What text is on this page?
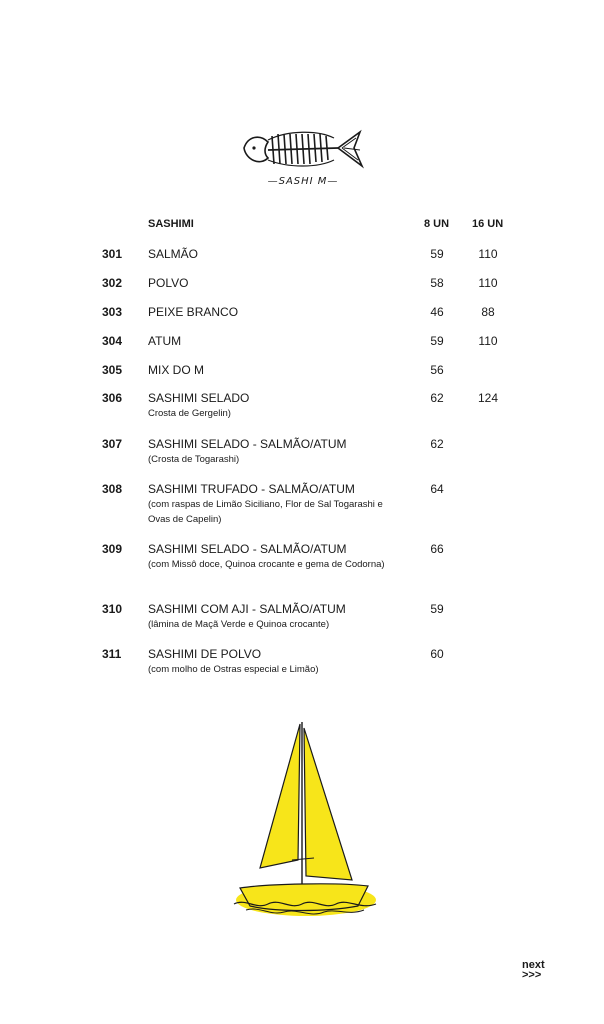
—SASHI M—
SASHIMI	8 UN 16 UN
301 SALMÃO	59	110
302 POLVO	58	110
303 PEIXE BRANCO	46	88
304 ATUM	59	110
305 MIX DO M	56
306 SASHIMI SELADO
Crosta de Gergelin)
62	124
307 SASHIMI SELADO - SALMÃO/ATUM
(Crosta de Togarashi)
62
308 SASHIMI TRUFADO - SALMÃO/ATUM
(com raspas de Limão Siciliano, Flor de Sal Togarashi e Ovas de Capelin)
64
309 SASHIMI SELADO - SALMÃO/ATUM
(com Missô doce, Quinoa crocante e gema de Codorna)
66
310 SASHIMI COM AJI - SALMÃO/ATUM
(lâmina de Maçã Verde e Quinoa crocante)
59
311 SASHIMI DE POLVO
(com molho de Ostras especial e Limão)
60
next
>>>
